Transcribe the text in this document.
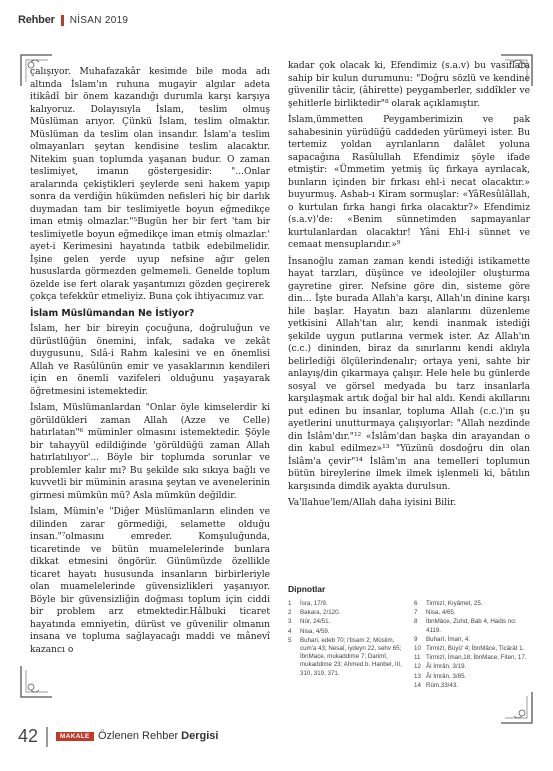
Rehber NİSAN 2019

çalışıyor. Muhafazakâr kesimde bile moda adı altında İslam'ın ruhuna mugayir algılar adeta itikâdî bir önem kazandığı durumla karşı karşıya kalıyoruz. Dolayısıyla İslam, teslim olmuş Müslüman arıyor. Çünkü İslam, teslim olmaktır. Müslüman da teslim olan insandır. İslam'a teslim olmayanları şeytan kendisine teslim alacaktır. Nitekim şuan toplumda yaşanan budur. O zaman teslimiyet, imanın göstergesidir: "...Onlar aralarında çekiştikleri şeylerde seni hakem yapıp sonra da verdiğin hükümden nefisleri hiç bir darlık duymadan tam bir teslimiyetle boyun eğmedikçe iman etmiş olmazlar."⁵Bugün her bir fert 'tam bir teslimiyetle boyun eğmedikçe iman etmiş olmazlar.' ayet-i Kerimesini hayatında tatbik edebilmelidir. İşine gelen yerde uyup nefsine ağır gelen hususlarda görmezden gelmemeli. Genelde toplum özelde ise fert olarak yaşantımızı gözden geçirerek çokça tefekkür etmeliyiz. Buna çok ihtiyacımız var.

İslam Müslümandan Ne İstiyor?

İslam, her bir bireyin çocuğuna, doğruluğun ve dürüstlüğün önemini, infak, sadaka ve zekât duygusunu, Sılâ-i Rahm kalesini ve en önemlisi Allah ve Rasûlünün emir ve yasaklarının kendileri için en önemli vazifeleri olduğunu yaşayarak öğretmesini istemektedir.

İslam, Müslümanlardan "Onlar öyle kimselerdir ki görüldükleri zaman Allah (Azze ve Celle) hatırlatan"⁶ müminler olmasını istemektedir. Şöyle bir tahayyül edildiğinde 'görüldüğü zaman Allah hatırlatılıyor'... Böyle bir toplumda sorunlar ve problemler kalır mı? Bu şekilde sıkı sıkıya bağlı ve kuvvetli bir müminin arasına şeytan ve avenelerinin girmesi mümkün mü? Asla mümkün değildir.

İslam, Mümin'e "Diğer Müslümanların elinden ve dilinden zarar görmediği, selamette olduğu insan."⁷olmasını emreder. Komşuluğunda, ticaretinde ve bütün muamelelerinde bunlara dikkat etmesini öngörür. Günümüzde özellikle ticaret hayatı hususunda insanların birbirleriyle olan muamelelerinde güvensizlikleri yaşanıyor. Böyle bir güvensizliğin doğması toplum için ciddi bir problem arz etmektedir.Hâlbuki ticaret hayatında emniyetin, dürüst ve güvenilir olmanın insana ve topluma sağlayacağı maddi ve mânevî kazancı o

kadar çok olacak ki, Efendimiz (s.a.v) bu vasıflara sahip bir kulun durumunu: "Doğru sözlü ve kendine güvenilir tâcir, (âhirette) peygamberler, sıddîkler ve şehitlerle birliktedir"⁸ olarak açıklamıştır.

İslam,ümmetten Peygamberimizin ve pak sahabesinin yürüdüğü caddeden yürümeyi ister. Bu tertemiz yoldan ayrılanların dalâlet yoluna sapacağına Rasûlullah Efendimiz şöyle ifade etmiştir: «Ümmetim yetmiş üç fırkaya ayrılacak, bunların içinden bir fırkası ehl-i necat olacaktır.» buyurmuş. Ashab-ı Kiram sormuşlar: «YâResûlâllah, o kurtulan fırka hangi fırka olacaktır?» Efendimiz (s.a.v)'de: «Benim sünnetimden sapmayanlar kurtulanlardan olacaktır! Yâni Ehl-i sünnet ve cemaat mensuplarıdır.»⁹

İnsanoğlu zaman zaman kendi istediği istikamette hayat tarzları, düşünce ve ideolojiler oluşturma gayretine girer. Nefsine göre din, sisteme göre din… İşte burada Allah'a karşı, Allah'ın dinine karşı hile başlar. Hayatın bazı alanlarını düzenleme yetkisini Allah'tan alır, kendi inanmak istediği şekilde uygun putlarına vermek ister. Az Allah'ın (c.c.) dininden, biraz da sınırlarını kendi aklıyla belirlediği ölçülerindenalır; ortaya yeni, sahte bir anlayış/din çıkarmaya çalışır. Hele hele bu günlerde sosyal ve görsel medyada bu tarz insanlarla karşılaşmak artık doğal bir hal aldı. Kendi akıllarını put edinen bu insanlar, topluma Allah (c.c.)'ın şu ayetlerini unutturmaya çalışıyorlar: "Allah nezdinde din İslâm'dır."¹² «İslâm'dan başka din arayandan o din kabul edilmez»¹³ "Yüzünü dosdoğru din olan İslâm'a çevir"¹⁴ İslâm'ın ana temelleri toplumun bütün bireylerine ilmek ilmek işlenmeli ki, bâtılın karşısında dimdik ayakta durulsun.

Va'llahue'lem/Allah daha iyisini Bilir.

Dipnotlar
1	İsra, 17/9.
2	Bakara, 2/120.
3	Nûr, 24/51.
4	Nisa, 4/59.
5	Buhari, edeb 70; i'tisam 2; Müslim, cum'a 43; Nesaî, iydeyn 22, sehv 65; İbnMace, mukaddime 7; Darimî, mukaddime 23; Ahmed b. Hanbel, III, 310, 319, 371.
6	Tirmizî, Kıyâmet, 25.
7	Nisa, 4/65.
8	İbnMâce, Zuhd, Bab 4, Hadis no: 4119.
9	Buharî, İman, 4.
10 Tirmizî, Büyû' 4; İbnMâce, Ticârât 1.
11 Tirmizî, İman,18; İbnMace, Fiten, 17.
12 Âl İmrân, 3/19.
13 Âl İmrân, 3/85.
14 Rûm,33/43.
42	MAKALE Özlenen Rehber Dergisi
